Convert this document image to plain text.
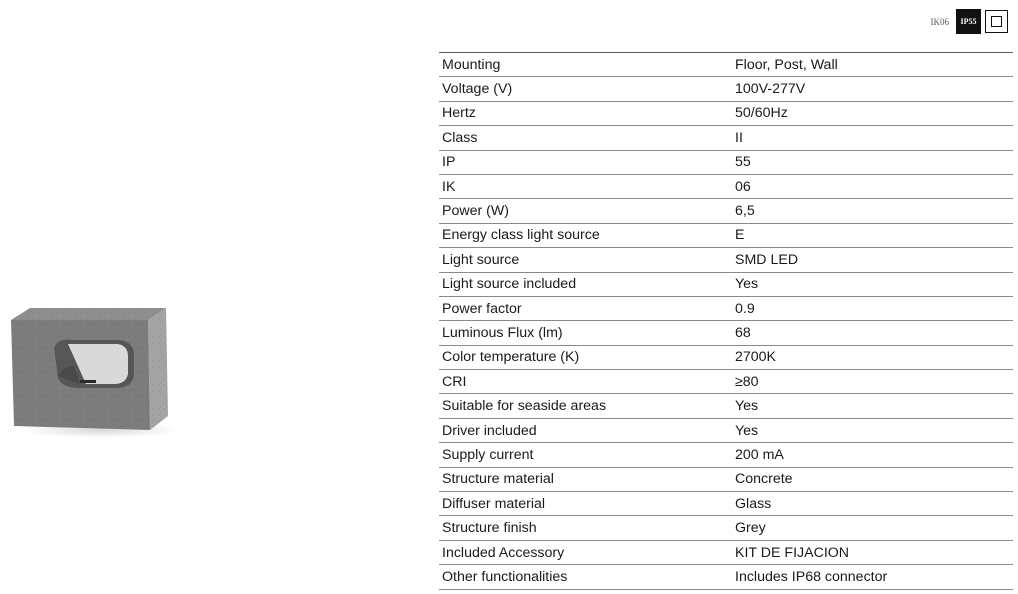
IK06	IP55
Mounting	Floor, Post, Wall
Voltage (V)	100V-277V
Hertz	50/60Hz
Class	II
IP	55
IK	06
Power (W)	6,5
Energy class light source	E
Light source	SMD LED
Light source included	Yes
Power factor	0.9
Luminous Flux (lm)	68
Color temperature (K)	2700K
CRI	≥80
Suitable for seaside areas	Yes
Driver included	Yes
Supply current	200 mA
Structure material	Concrete
Diffuser material	Glass
Structure finish	Grey
Included Accessory	KIT DE FIJACION
Other functionalities	Includes IP68 connector
